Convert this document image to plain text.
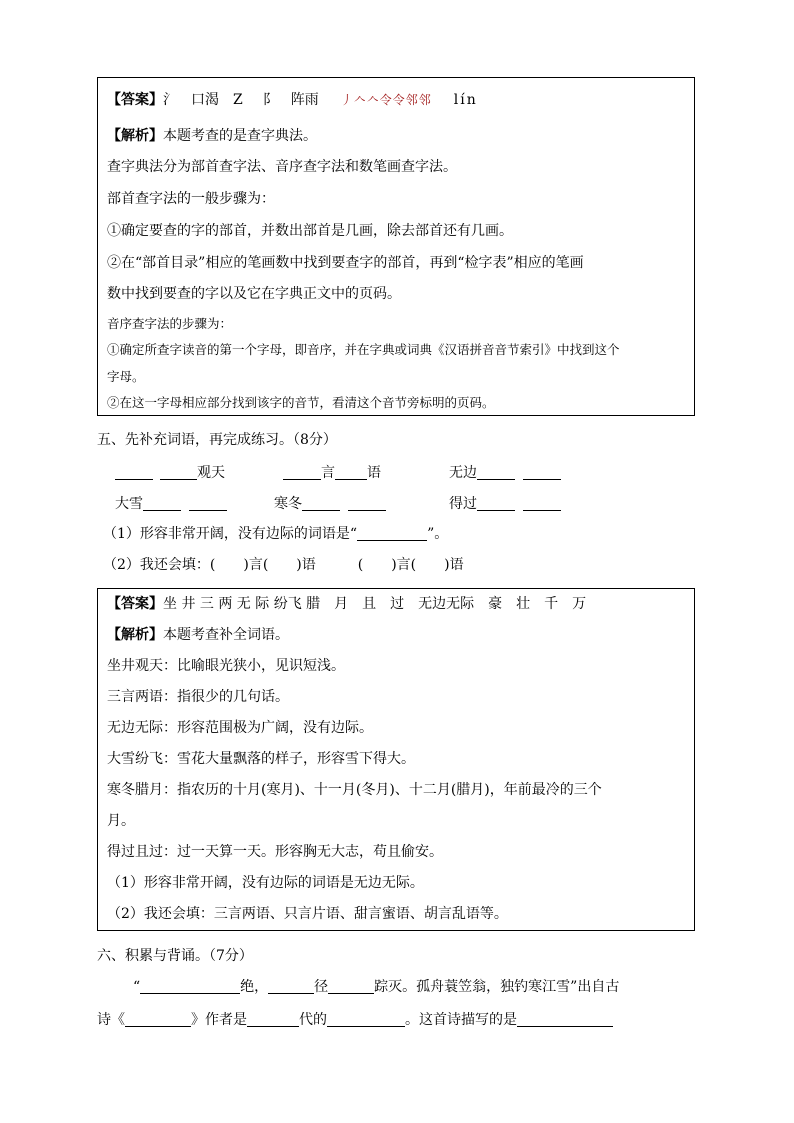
【答案】氵 口渴 Z 阝 阵雨 丿𠆢𠆢令令邻邻 lín
【解析】本题考查的是查字典法。
查字典法分为部首查字法、音序查字法和数笔画查字法。
部首查字法的一般步骤为：
①确定要查的字的部首，并数出部首是几画，除去部首还有几画。
②在“部首目录”相应的笔画数中找到要查字的部首，再到“检字表”相应的笔画
数中找到要查的字以及它在字典正文中的页码。
音序查字法的步骤为：
①确定所查字读音的第一个字母，即音序，并在字典或词典《汉语拼音音节索引》中找到这个
字母。
②在这一字母相应部分找到该字的音节，看清这个音节旁标明的页码。
五、先补充词语，再完成练习。（8分）
观天	言 语	无边
大雪	寒冬	得过
（1）形容非常开阔，没有边际的词语是“	”。
（2）我还会填：(　　)言(　　)语　　　(　　)言(　　)语
【答案】坐 井 三 两 无 际 纷飞 腊　月　且　过　无边无际　豪　壮　千　万
【解析】本题考查补全词语。
坐井观天：比喻眼光狭小，见识短浅。
三言两语：指很少的几句话。
无边无际：形容范围极为广阔，没有边际。
大雪纷飞：雪花大量飘落的样子，形容雪下得大。
寒冬腊月：指农历的十月(寒月)、十一月(冬月)、十二月(腊月)，年前最冷的三个
月。
得过且过：过一天算一天。形容胸无大志，苟且偷安。
（1）形容非常开阔，没有边际的词语是无边无际。
（2）我还会填：三言两语、只言片语、甜言蜜语、胡言乱语等。
六、积累与背诵。（7分）
“	绝，	径	踪灭。孤舟蓑笠翁，独钓寒江雪”出自古
诗《	》作者是	代的	。这首诗描写的是
